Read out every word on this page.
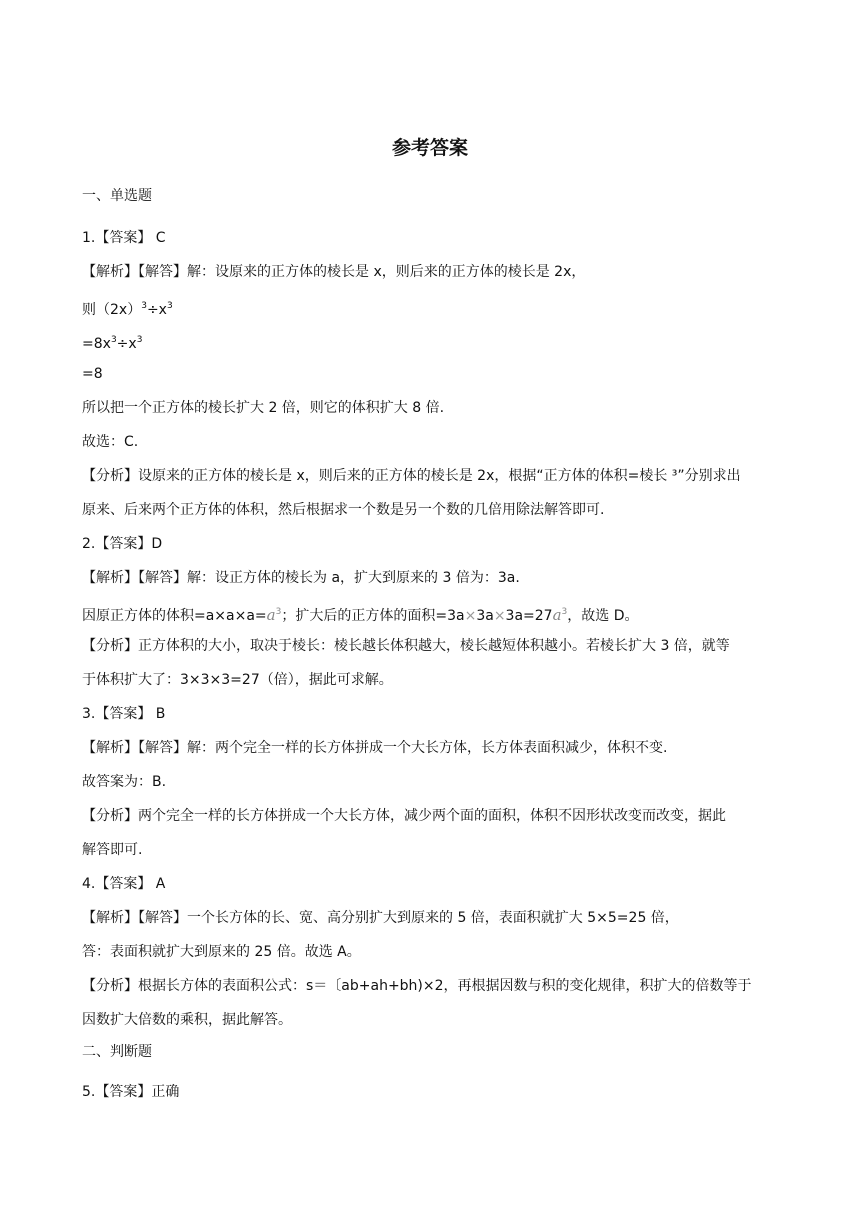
参考答案
一、单选题
1.【答案】 C
【解析】【解答】解：设原来的正方体的棱长是 x，则后来的正方体的棱长是 2x，
则$(2x)^3\div x^3$
$=8x^3\div x^3$
=8
所以把一个正方体的棱长扩大 2 倍，则它的体积扩大 8 倍.
故选：C.
【分析】设原来的正方体的棱长是 x，则后来的正方体的棱长是 2x，根据“正方体的体积=棱长 ³”分别求出
原来、后来两个正方体的体积，然后根据求一个数是另一个数的几倍用除法解答即可.
2.【答案】D
【解析】【解答】解：设正方体的棱长为 a，扩大到原来的 3 倍为：3a.
因原正方体的体积$=a\times a\times a=a^3$；扩大后的正方体的面积$=3a\times 3a\times 3a=27a^3$，故选 D。
【分析】正方体积的大小，取决于棱长：棱长越长体积越大，棱长越短体积越小。若棱长扩大 3 倍，就等
于体积扩大了：3×3×3=27（倍），据此可求解。
3.【答案】 B
【解析】【解答】解：两个完全一样的长方体拼成一个大长方体，长方体表面积减少，体积不变.
故答案为：B.
【分析】两个完全一样的长方体拼成一个大长方体，减少两个面的面积，体积不因形状改变而改变，据此
解答即可.
4.【答案】 A
【解析】【解答】一个长方体的长、宽、高分别扩大到原来的 5 倍，表面积就扩大 5×5=25 倍，
答：表面积就扩大到原来的 25 倍。故选 A。
【分析】根据长方体的表面积公式：s＝〔ab+ah+bh)×2，再根据因数与积的变化规律，积扩大的倍数等于
因数扩大倍数的乘积，据此解答。
二、判断题
5.【答案】正确
